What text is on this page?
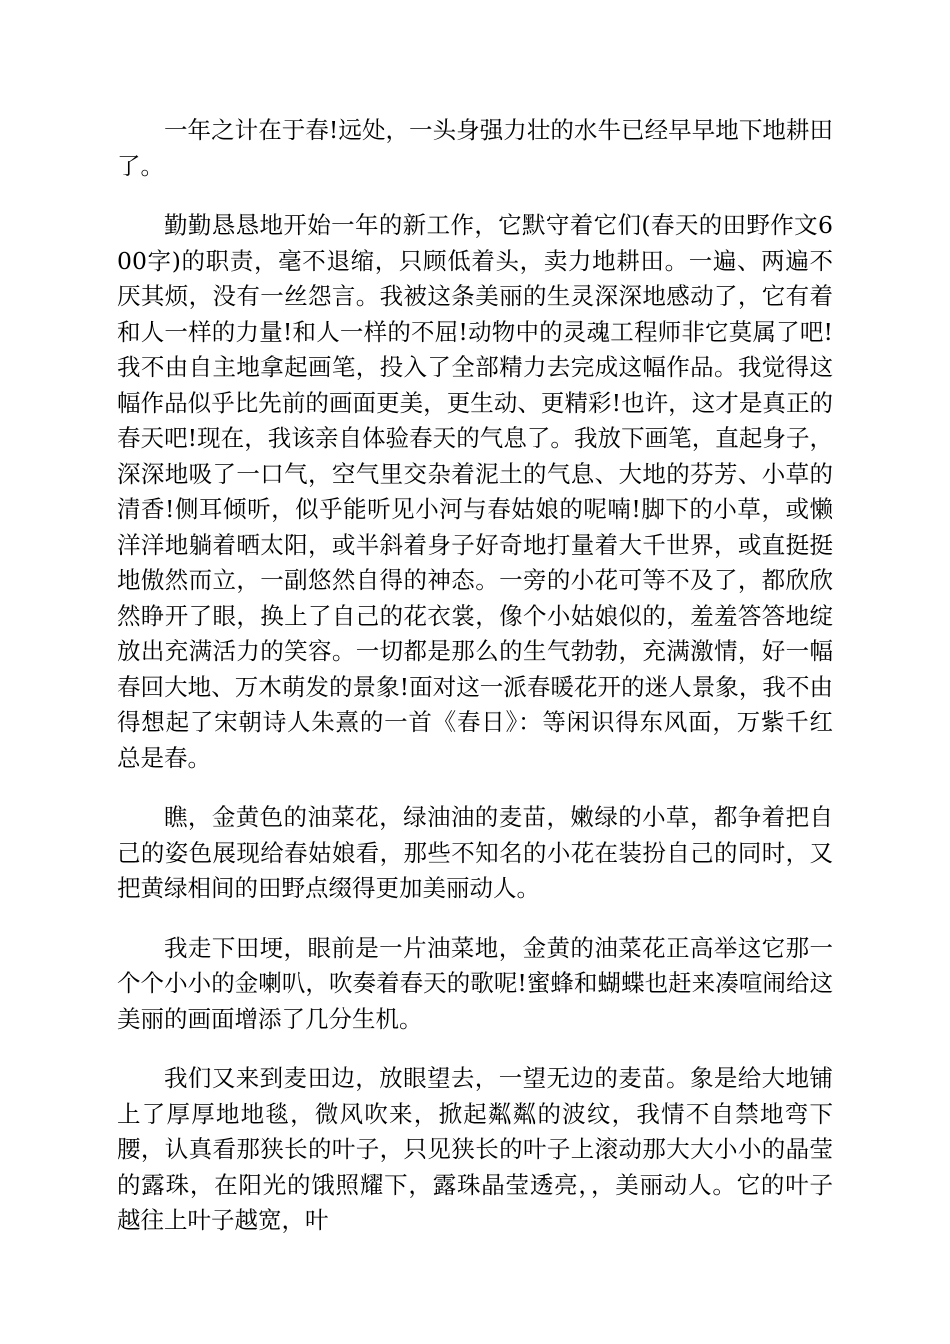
一年之计在于春!远处，一头身强力壮的水牛已经早早地下地耕田了。

勤勤恳恳地开始一年的新工作，它默守着它们(春天的田野作文600字)的职责，毫不退缩，只顾低着头，卖力地耕田。一遍、两遍不厌其烦，没有一丝怨言。我被这条美丽的生灵深深地感动了，它有着和人一样的力量!和人一样的不屈!动物中的灵魂工程师非它莫属了吧!我不由自主地拿起画笔，投入了全部精力去完成这幅作品。我觉得这幅作品似乎比先前的画面更美，更生动、更精彩!也许，这才是真正的春天吧!现在，我该亲自体验春天的气息了。我放下画笔，直起身子，深深地吸了一口气，空气里交杂着泥土的气息、大地的芬芳、小草的清香!侧耳倾听，似乎能听见小河与春姑娘的呢喃!脚下的小草，或懒洋洋地躺着晒太阳，或半斜着身子好奇地打量着大千世界，或直挺挺地傲然而立，一副悠然自得的神态。一旁的小花可等不及了，都欣欣然睁开了眼，换上了自己的花衣裳，像个小姑娘似的，羞羞答答地绽放出充满活力的笑容。一切都是那么的生气勃勃，充满激情，好一幅春回大地、万木萌发的景象!面对这一派春暖花开的迷人景象，我不由得想起了宋朝诗人朱熹的一首《春日》：等闲识得东风面，万紫千红总是春。

瞧，金黄色的油菜花，绿油油的麦苗，嫩绿的小草，都争着把自己的姿色展现给春姑娘看，那些不知名的小花在装扮自己的同时，又把黄绿相间的田野点缀得更加美丽动人。

我走下田埂，眼前是一片油菜地，金黄的油菜花正高举这它那一个个小小的金喇叭，吹奏着春天的歌呢!蜜蜂和蝴蝶也赶来凑喧闹给这美丽的画面增添了几分生机。

我们又来到麦田边，放眼望去，一望无边的麦苗。象是给大地铺上了厚厚地地毯，微风吹来，掀起粼粼的波纹，我情不自禁地弯下腰，认真看那狭长的叶子，只见狭长的叶子上滚动那大大小小的晶莹的露珠，在阳光的饿照耀下，露珠晶莹透亮，，美丽动人。它的叶子越往上叶子越宽，叶
